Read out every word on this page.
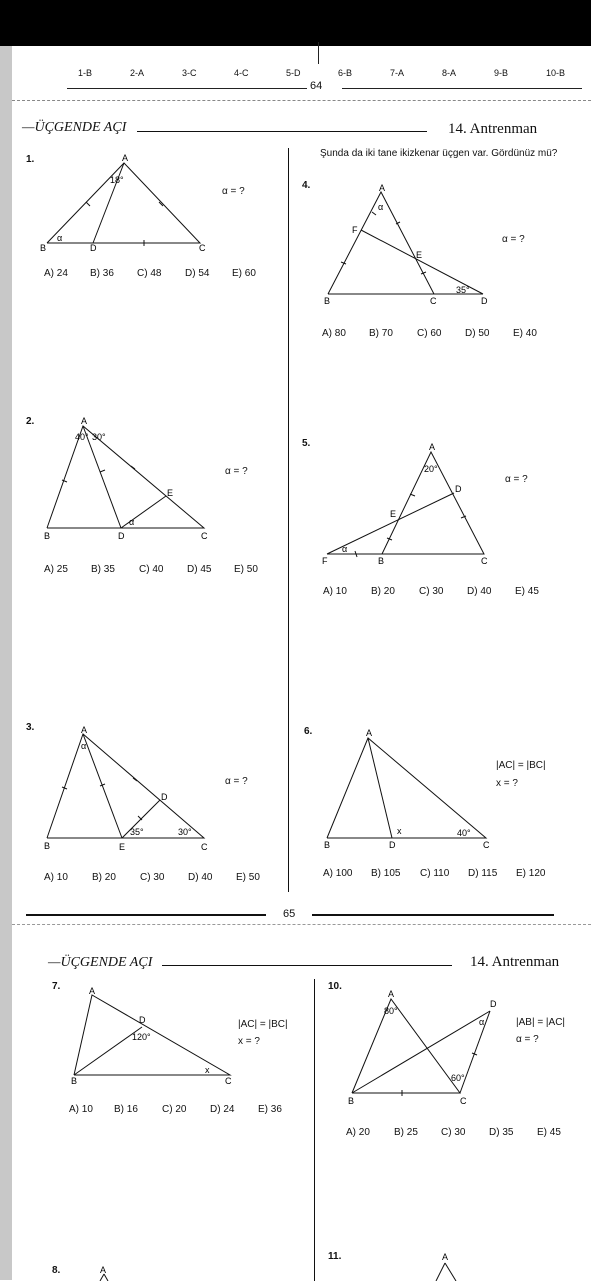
1-B	2-A	3-C	4-C	5-D	6-B	7-A	8-A	9-B	10-B
64
—ÜÇGENDE AÇI	14. Antrenman
1.	A
B	C
D
18°
α
α = ?
A) 24 B) 36 C) 48 D) 54 E) 60
2.	A
B	C
D
E
40° 30°
α
α = ?
A) 25 B) 35 C) 40 D) 45 E) 50
3.	A
B	C
D
E
35°	30°
α
α = ?
A) 10 B) 20 C) 30 D) 40 E) 50
Şunda da iki tane ikizkenar üçgen var. Gördünüz mü?
4.	A
B	C	D
E
F
35°
α
α = ?
A) 80 B) 70 C) 60 D) 50 E) 40
5.	A
B	C
D
E
F
20°
α
α = ?
A) 10 B) 20 C) 30 D) 40 E) 45
6.	A
B	C
D
40°
x
|AC| = |BC|
x = ?
A) 100 B) 105 C) 110 D) 115 E) 120
65
—ÜÇGENDE AÇI	14. Antrenman
7.	A
B	C
D
120°
x
|AC| = |BC|
x = ?
A) 10 B) 16 C) 20 D) 24 E) 36
10.
A
B	C
D
80°
60°
α	|AB| = |AC|
α = ?
A) 20 B) 25 C) 30 D) 35 E) 45
8.	A
11.	A
